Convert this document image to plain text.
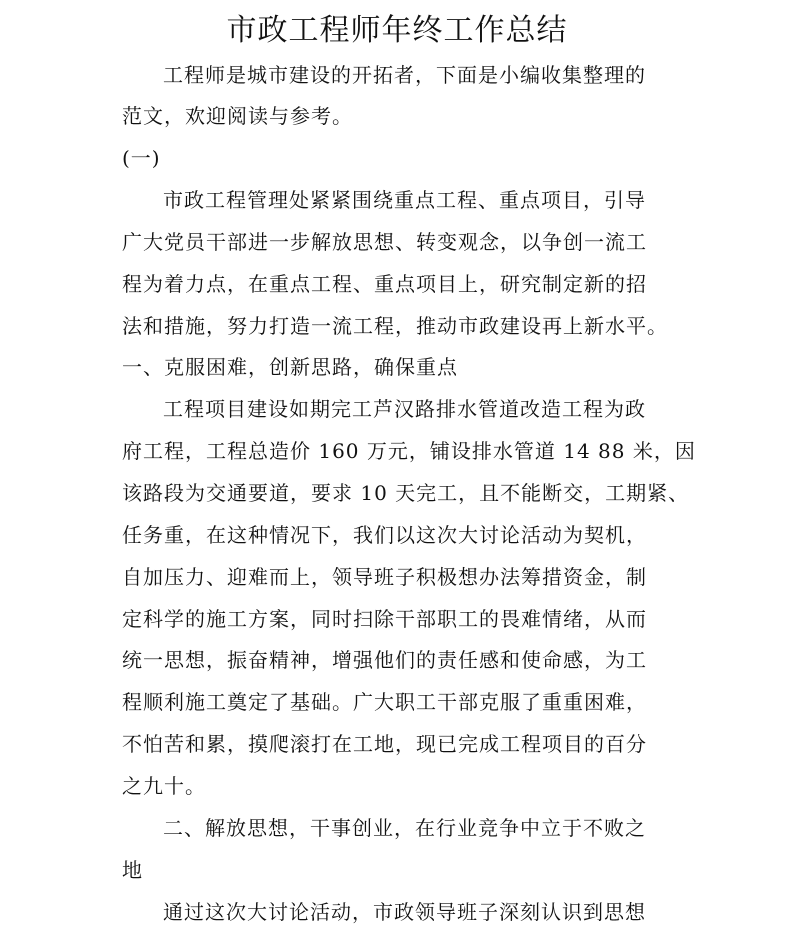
市政工程师年终工作总结
工程师是城市建设的开拓者，下面是小编收集整理的
范文，欢迎阅读与参考。
(一)
市政工程管理处紧紧围绕重点工程、重点项目，引导
广大党员干部进一步解放思想、转变观念，以争创一流工
程为着力点，在重点工程、重点项目上，研究制定新的招
法和措施，努力打造一流工程，推动市政建设再上新水平。
一、克服困难，创新思路，确保重点
工程项目建设如期完工芦汉路排水管道改造工程为政
府工程，工程总造价 160 万元，铺设排水管道 14 88 米，因
该路段为交通要道，要求 10 天完工，且不能断交，工期紧、
任务重，在这种情况下，我们以这次大讨论活动为契机，
自加压力、迎难而上，领导班子积极想办法筹措资金，制
定科学的施工方案，同时扫除干部职工的畏难情绪，从而
统一思想，振奋精神，增强他们的责任感和使命感，为工
程顺利施工奠定了基础。广大职工干部克服了重重困难，
不怕苦和累，摸爬滚打在工地，现已完成工程项目的百分
之九十。
二、解放思想，干事创业，在行业竞争中立于不败之
地
通过这次大讨论活动，市政领导班子深刻认识到思想
